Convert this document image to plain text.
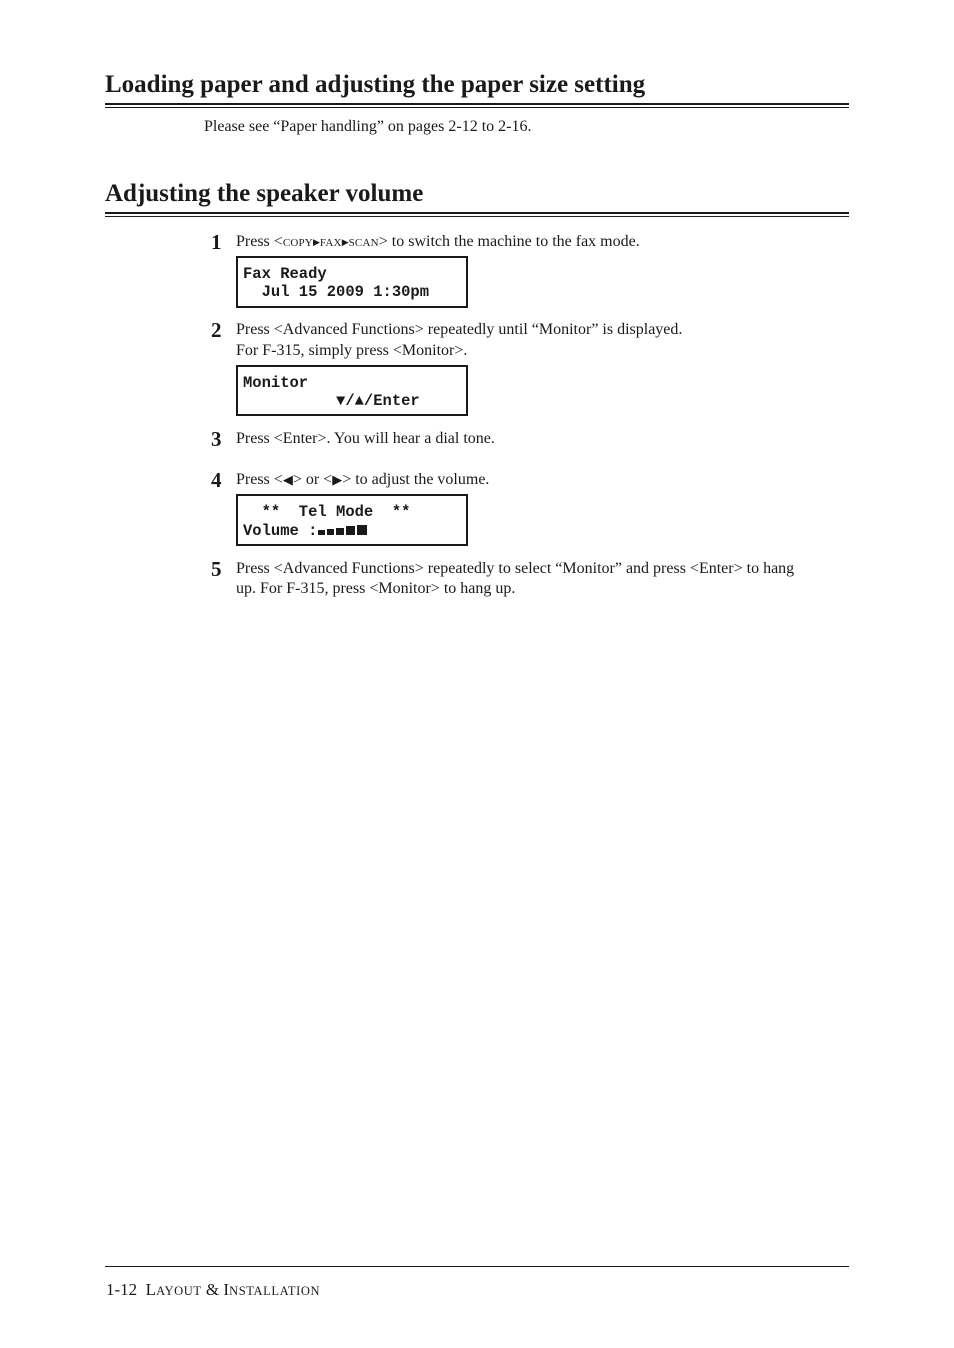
Loading paper and adjusting the paper size setting
Please see “Paper handling” on pages 2-12 to 2-16.
Adjusting the speaker volume
1 Press <COPY▶FAX▶SCAN> to switch the machine to the fax mode.
Fax Ready
Jul 15 2009 1:30pm
2 Press <Advanced Functions> repeatedly until “Monitor” is displayed.
For F-315, simply press <Monitor>.
Monitor
▼/▲/Enter
3 Press <Enter>. You will hear a dial tone.
4 Press <◀> or <▶> to adjust the volume.
**  Tel Mode  **
Volume :
5 Press <Advanced Functions> repeatedly to select “Monitor” and press <Enter> to hang
up. For F-315, press <Monitor> to hang up.
1-12 LAYOUT & INSTALLATION
